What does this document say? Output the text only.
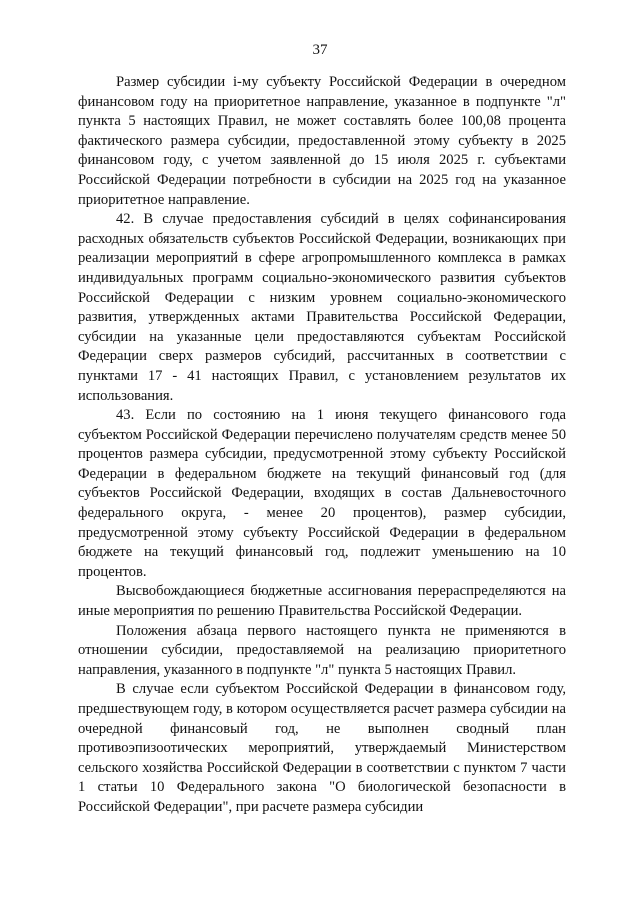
37

Размер субсидии i-му субъекту Российской Федерации в очередном финансовом году на приоритетное направление, указанное в подпункте "л" пункта 5 настоящих Правил, не может составлять более 100,08 процента фактического размера субсидии, предоставленной этому субъекту в 2025 финансовом году, с учетом заявленной до 15 июля 2025 г. субъектами Российской Федерации потребности в субсидии на 2025 год на указанное приоритетное направление.

42. В случае предоставления субсидий в целях софинансирования расходных обязательств субъектов Российской Федерации, возникающих при реализации мероприятий в сфере агропромышленного комплекса в рамках индивидуальных программ социально-экономического развития субъектов Российской Федерации с низким уровнем социально-экономического развития, утвержденных актами Правительства Российской Федерации, субсидии на указанные цели предоставляются субъектам Российской Федерации сверх размеров субсидий, рассчитанных в соответствии с пунктами 17 - 41 настоящих Правил, с установлением результатов их использования.

43. Если по состоянию на 1 июня текущего финансового года субъектом Российской Федерации перечислено получателям средств менее 50 процентов размера субсидии, предусмотренной этому субъекту Российской Федерации в федеральном бюджете на текущий финансовый год (для субъектов Российской Федерации, входящих в состав Дальневосточного федерального округа, - менее 20 процентов), размер субсидии, предусмотренной этому субъекту Российской Федерации в федеральном бюджете на текущий финансовый год, подлежит уменьшению на 10 процентов.

Высвобождающиеся бюджетные ассигнования перераспределяются на иные мероприятия по решению Правительства Российской Федерации.

Положения абзаца первого настоящего пункта не применяются в отношении субсидии, предоставляемой на реализацию приоритетного направления, указанного в подпункте "л" пункта 5 настоящих Правил.

В случае если субъектом Российской Федерации в финансовом году, предшествующем году, в котором осуществляется расчет размера субсидии на очередной финансовый год, не выполнен сводный план противоэпизоотических мероприятий, утверждаемый Министерством сельского хозяйства Российской Федерации в соответствии с пунктом 7 части 1 статьи 10 Федерального закона "О биологической безопасности в Российской Федерации", при расчете размера субсидии
